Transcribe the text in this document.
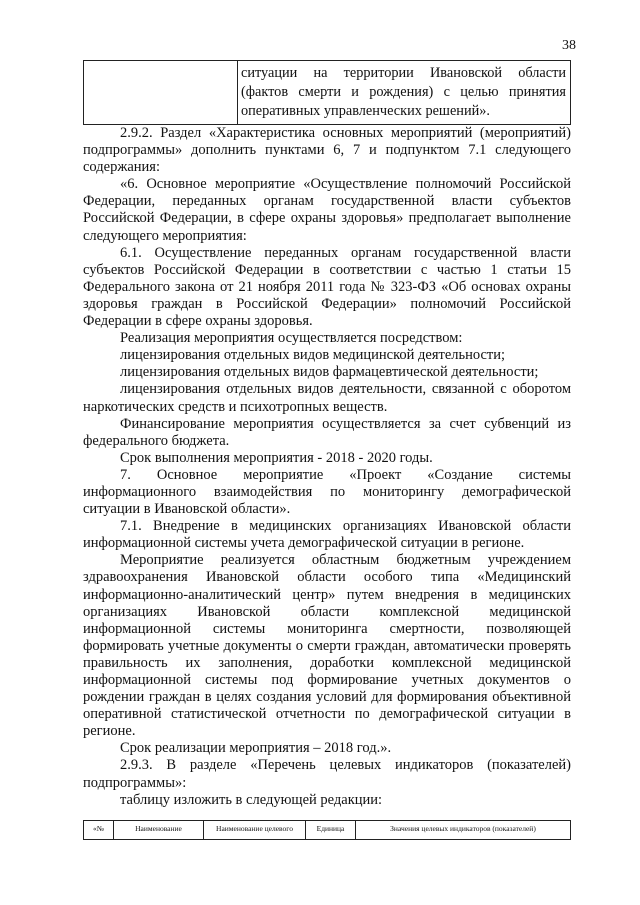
38
	ситуации на территории Ивановской области (фактов смерти и рождения) с целью принятия оперативных управленческих решений».

2.9.2. Раздел «Характеристика основных мероприятий (мероприятий) подпрограммы» дополнить пунктами 6, 7 и подпунктом 7.1 следующего содержания:

«6. Основное мероприятие «Осуществление полномочий Российской Федерации, переданных органам государственной власти субъектов Российской Федерации, в сфере охраны здоровья» предполагает выполнение следующего мероприятия:

6.1. Осуществление переданных органам государственной власти субъектов Российской Федерации в соответствии с частью 1 статьи 15 Федерального закона от 21 ноября 2011 года № 323-ФЗ «Об основах охраны здоровья граждан в Российской Федерации» полномочий Российской Федерации в сфере охраны здоровья.

Реализация мероприятия осуществляется посредством:

лицензирования отдельных видов медицинской деятельности;

лицензирования отдельных видов фармацевтической деятельности;

лицензирования отдельных видов деятельности, связанной с оборотом наркотических средств и психотропных веществ.

Финансирование мероприятия осуществляется за счет субвенций из федерального бюджета.

Срок выполнения мероприятия - 2018 - 2020 годы.

7. Основное мероприятие «Проект «Создание системы информационного взаимодействия по мониторингу демографической ситуации в Ивановской области».

7.1. Внедрение в медицинских организациях Ивановской области информационной системы учета демографической ситуации в регионе.

Мероприятие реализуется областным бюджетным учреждением здравоохранения Ивановской области особого типа «Медицинский информационно-аналитический центр» путем внедрения в медицинских организациях Ивановской области комплексной медицинской информационной системы мониторинга смертности, позволяющей формировать учетные документы о смерти граждан, автоматически проверять правильность их заполнения, доработки комплексной медицинской информационной системы под формирование учетных документов о рождении граждан в целях создания условий для формирования объективной оперативной статистической отчетности по демографической ситуации в регионе.

Срок реализации мероприятия – 2018 год.».

2.9.3. В разделе «Перечень целевых индикаторов (показателей) подпрограммы»:

таблицу изложить в следующей редакции:

«№	Наименование	Наименование целевого	Единица	Значения целевых индикаторов (показателей)
